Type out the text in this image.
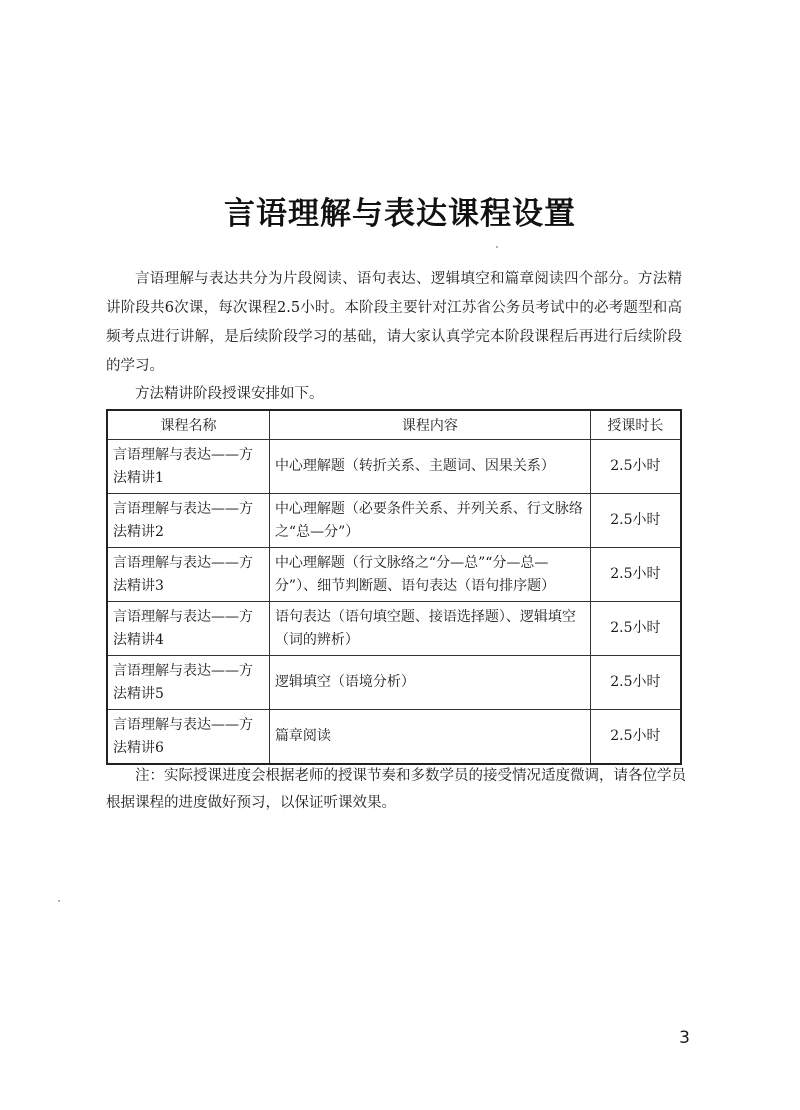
言语理解与表达课程设置

言语理解与表达共分为片段阅读、语句表达、逻辑填空和篇章阅读四个部分。方法精讲阶段共6次课，每次课程2.5小时。本阶段主要针对江苏省公务员考试中的必考题型和高频考点进行讲解，是后续阶段学习的基础，请大家认真学完本阶段课程后再进行后续阶段的学习。

方法精讲阶段授课安排如下。

课程名称	课程内容	授课时长
言语理解与表达——方法精讲1	中心理解题（转折关系、主题词、因果关系）	2.5小时
言语理解与表达——方法精讲2	中心理解题（必要条件关系、并列关系、行文脉络之“总—分”）	2.5小时
言语理解与表达——方法精讲3	中心理解题（行文脉络之“分—总”“分—总—分”）、细节判断题、语句表达（语句排序题）	2.5小时
言语理解与表达——方法精讲4	语句表达（语句填空题、接语选择题）、逻辑填空（词的辨析）	2.5小时
言语理解与表达——方法精讲5	逻辑填空（语境分析）	2.5小时
言语理解与表达——方法精讲6	篇章阅读	2.5小时

注：实际授课进度会根据老师的授课节奏和多数学员的接受情况适度微调，请各位学员根据课程的进度做好预习，以保证听课效果。

3
